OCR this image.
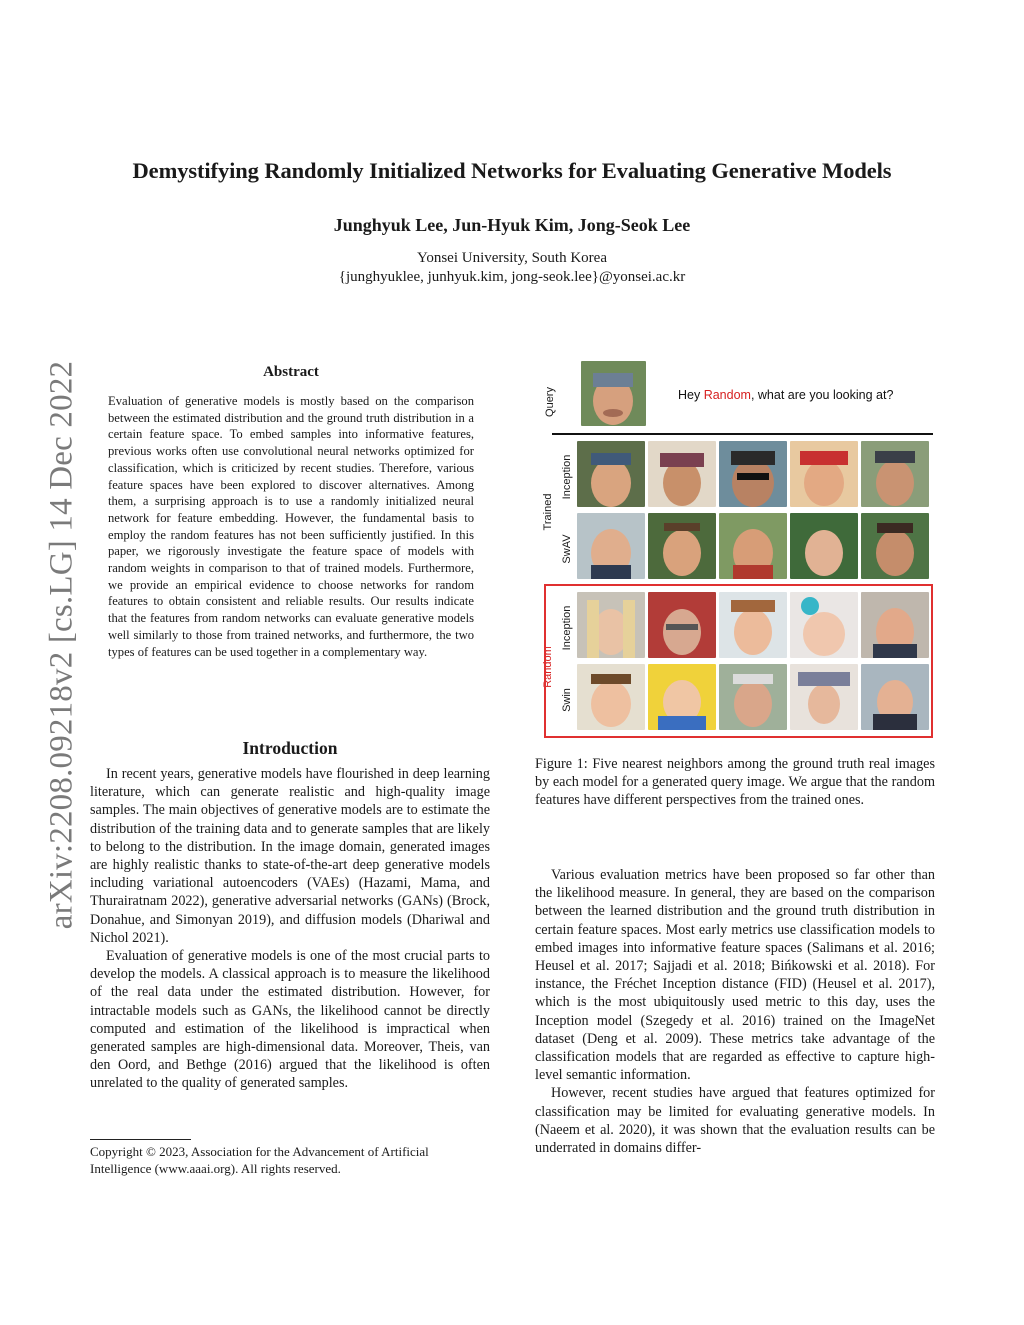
Demystifying Randomly Initialized Networks for Evaluating Generative Models
Junghyuk Lee, Jun-Hyuk Kim, Jong-Seok Lee
Yonsei University, South Korea
{junghyuklee, junhyuk.kim, jong-seok.lee}@yonsei.ac.kr
arXiv:2208.09218v2 [cs.LG] 14 Dec 2022	Abstract
Evaluation of generative models is mostly based on the comparison between the estimated distribution and the ground truth distribution in a certain feature space. To embed samples into informative features, previous works often use convolutional neural networks optimized for classification, which is criticized by recent studies. Therefore, various feature spaces have been explored to discover alternatives. Among them, a surprising approach is to use a randomly initialized neural network for feature embedding. However, the fundamental basis to employ the random features has not been sufficiently justified. In this paper, we rigorously investigate the feature space of models with random weights in comparison to that of trained models. Furthermore, we provide an empirical evidence to choose networks for random features to obtain consistent and reliable results. Our results indicate that the features from random networks can evaluate generative models well similarly to those from trained networks, and furthermore, the two types of features can be used together in a complementary way.
Introduction

In recent years, generative models have flourished in deep learning literature, which can generate realistic and high-quality image samples. The main objectives of generative models are to estimate the distribution of the training data and to generate samples that are likely to belong to the distribution. In the image domain, generated images are highly realistic thanks to state-of-the-art deep generative models including variational autoencoders (VAEs) (Hazami, Mama, and Thurairatnam 2022), generative adversarial networks (GANs) (Brock, Donahue, and Simonyan 2019), and diffusion models (Dhariwal and Nichol 2021).

Evaluation of generative models is one of the most crucial parts to develop the models. A classical approach is to measure the likelihood of the real data under the estimated distribution. However, for intractable models such as GANs, the likelihood cannot be directly computed and estimation of the likelihood is impractical when generated samples are high-dimensional data. Moreover, Theis, van den Oord, and Bethge (2016) argued that the likelihood is often unrelated to the quality of generated samples.

Copyright © 2023, Association for the Advancement of Artificial Intelligence (www.aaai.org). All rights reserved.
Query	Hey Random, what are you looking at?
Trained
Inception
SwAV
Random
Inception
Swin
Figure 1: Five nearest neighbors among the ground truth real images by each model for a generated query image. We argue that the random features have different perspectives from the trained ones.

Various evaluation metrics have been proposed so far other than the likelihood measure. In general, they are based on the comparison between the learned distribution and the ground truth distribution in certain feature spaces. Most early metrics use classification models to embed images into informative feature spaces (Salimans et al. 2016; Heusel et al. 2017; Sajjadi et al. 2018; Bińkowski et al. 2018). For instance, the Fréchet Inception distance (FID) (Heusel et al. 2017), which is the most ubiquitously used metric to this day, uses the Inception model (Szegedy et al. 2016) trained on the ImageNet dataset (Deng et al. 2009). These metrics take advantage of the classification models that are regarded as effective to capture high-level semantic information.

However, recent studies have argued that features optimized for classification may be limited for evaluating generative models. In (Naeem et al. 2020), it was shown that the evaluation results can be underrated in domains differ-
